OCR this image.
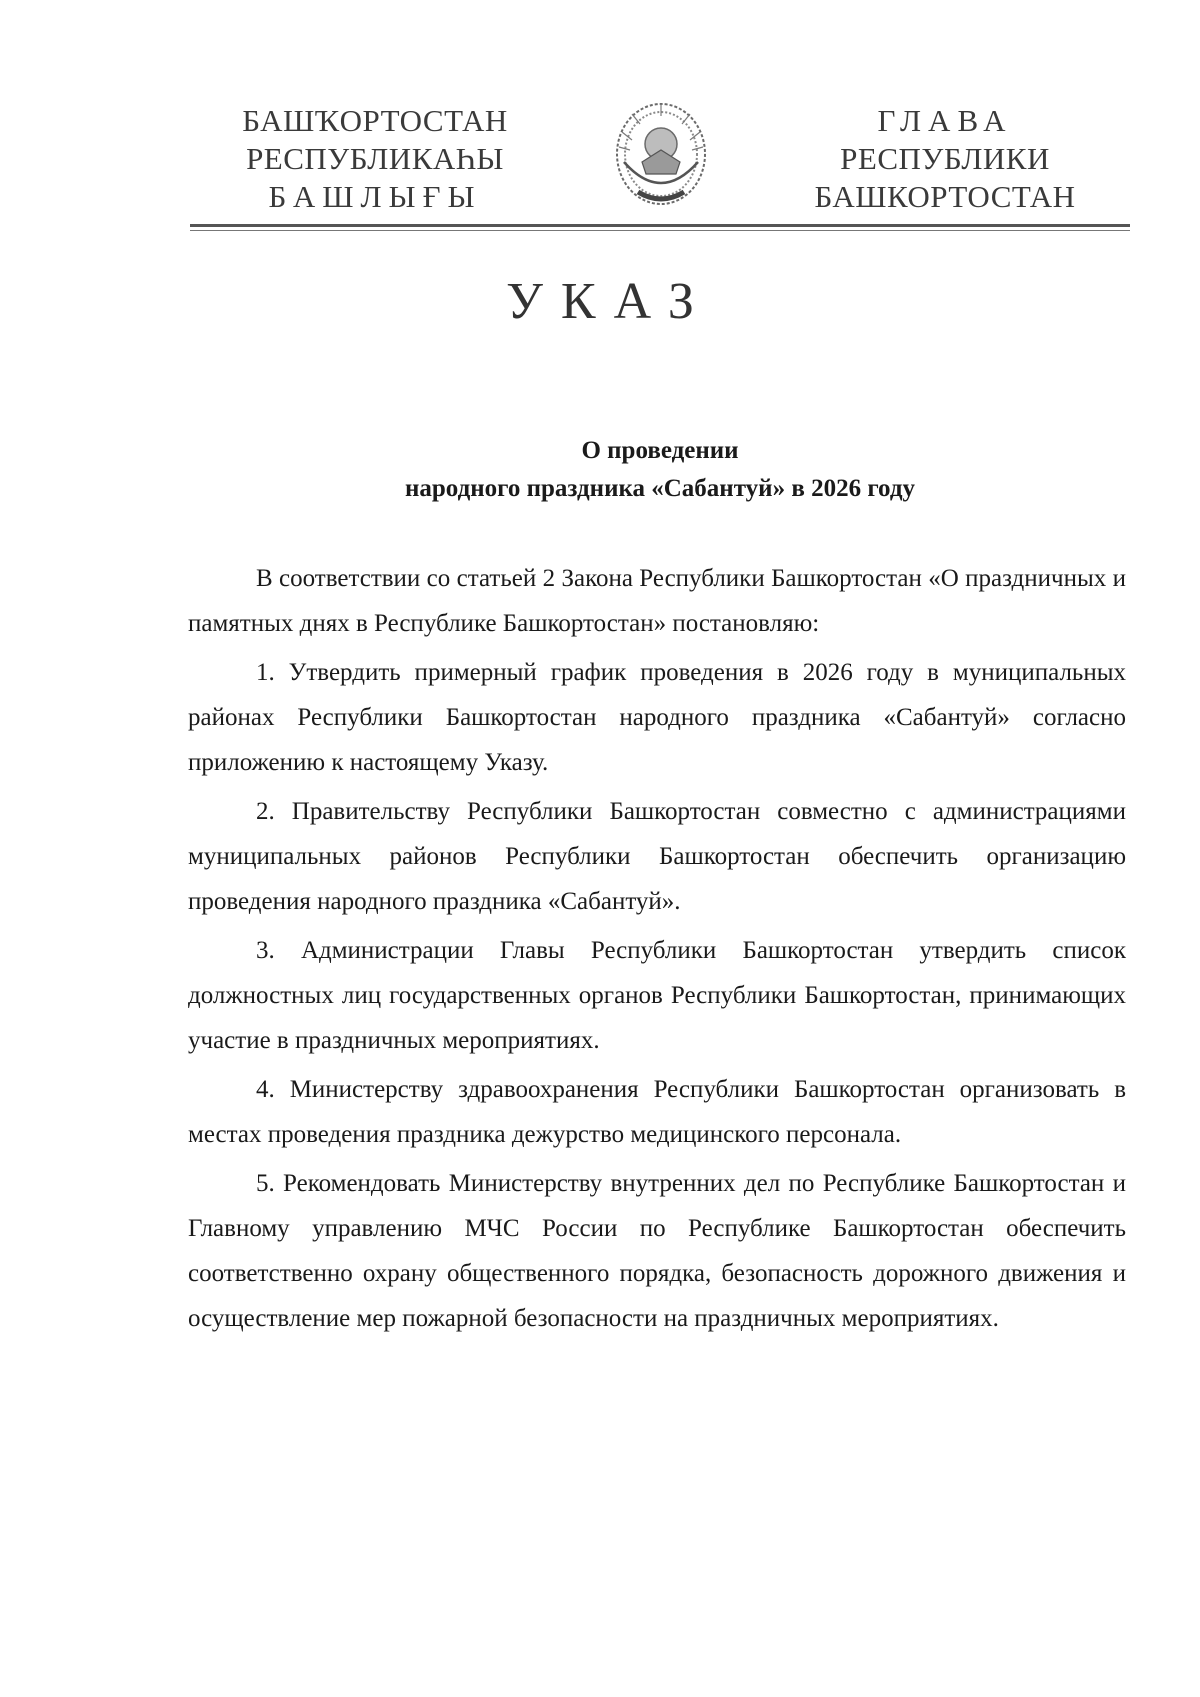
БАШҠОРТОСТАН
РЕСПУБЛИКАҺЫ
БАШЛЫҒЫ
ГЛАВА
РЕСПУБЛИКИ
БАШКОРТОСТАН
УКАЗ
О проведении
народного праздника «Сабантуй» в 2026 году

В соответствии со статьей 2 Закона Республики Башкортостан «О праздничных и памятных днях в Республике Башкортостан» постановляю:

1. Утвердить примерный график проведения в 2026 году в муниципальных районах Республики Башкортостан народного праздника «Сабантуй» согласно приложению к настоящему Указу.

2. Правительству Республики Башкортостан совместно с администрациями муниципальных районов Республики Башкортостан обеспечить организацию проведения народного праздника «Сабантуй».

3. Администрации Главы Республики Башкортостан утвердить список должностных лиц государственных органов Республики Башкортостан, принимающих участие в праздничных мероприятиях.

4. Министерству здравоохранения Республики Башкортостан организовать в местах проведения праздника дежурство медицинского персонала.

5. Рекомендовать Министерству внутренних дел по Республике Башкортостан и Главному управлению МЧС России по Республике Башкортостан обеспечить соответственно охрану общественного порядка, безопасность дорожного движения и осуществление мер пожарной безопасности на праздничных мероприятиях.
